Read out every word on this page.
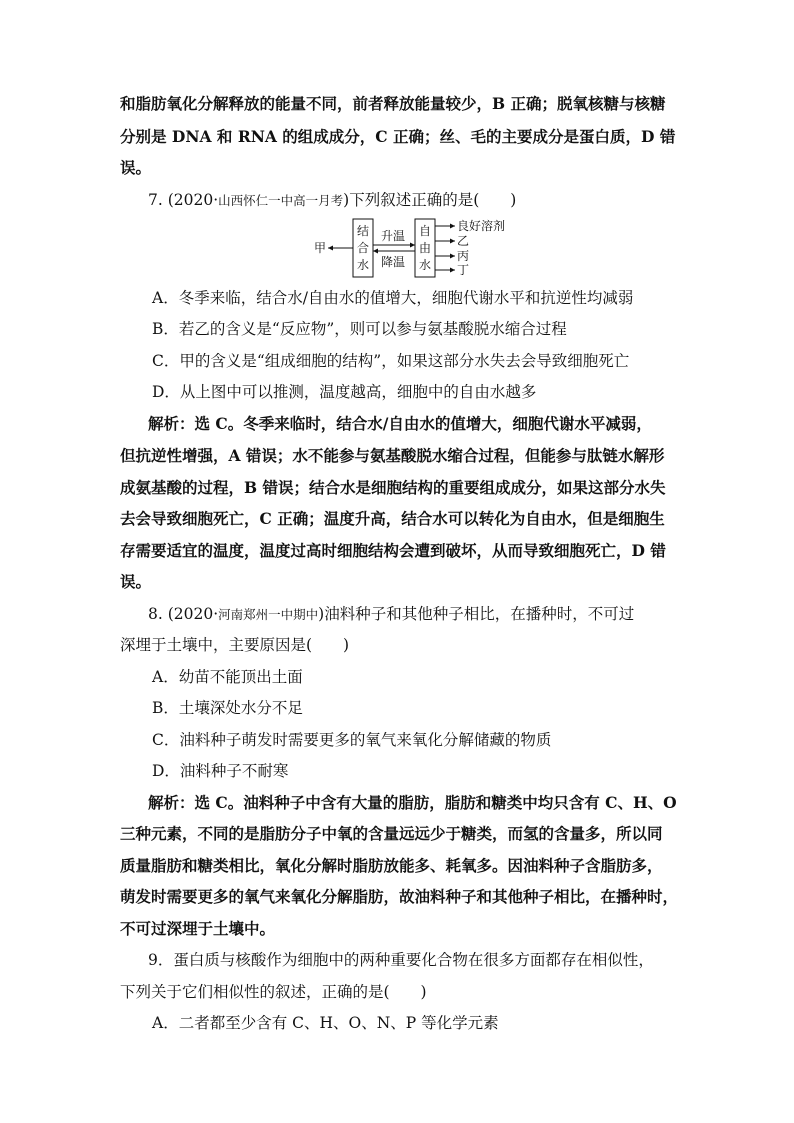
和脂肪氧化分解释放的能量不同，前者释放能量较少，B 正确；脱氧核糖与核糖
分别是 DNA 和 RNA 的组成成分，C 正确；丝、毛的主要成分是蛋白质，D 错
误。
7. (2020·山西怀仁一中高一月考)下列叙述正确的是(　　)
甲
结
合
水
升温
降温
自
由
水
良好溶剂
乙
丙
丁
A．冬季来临，结合水/自由水的值增大，细胞代谢水平和抗逆性均减弱
B．若乙的含义是“反应物”，则可以参与氨基酸脱水缩合过程
C．甲的含义是“组成细胞的结构”，如果这部分水失去会导致细胞死亡
D．从上图中可以推测，温度越高，细胞中的自由水越多
解析：选 C。冬季来临时，结合水/自由水的值增大，细胞代谢水平减弱，
但抗逆性增强，A 错误；水不能参与氨基酸脱水缩合过程，但能参与肽链水解形
成氨基酸的过程，B 错误；结合水是细胞结构的重要组成成分，如果这部分水失
去会导致细胞死亡，C 正确；温度升高，结合水可以转化为自由水，但是细胞生
存需要适宜的温度，温度过高时细胞结构会遭到破坏，从而导致细胞死亡，D 错
误。
8. (2020·河南郑州一中期中)油料种子和其他种子相比，在播种时，不可过
深埋于土壤中，主要原因是(　　)
A．幼苗不能顶出土面
B．土壤深处水分不足
C．油料种子萌发时需要更多的氧气来氧化分解储藏的物质
D．油料种子不耐寒
解析：选 C。油料种子中含有大量的脂肪，脂肪和糖类中均只含有 C、H、O
三种元素，不同的是脂肪分子中氧的含量远远少于糖类，而氢的含量多，所以同
质量脂肪和糖类相比，氧化分解时脂肪放能多、耗氧多。因油料种子含脂肪多，
萌发时需要更多的氧气来氧化分解脂肪，故油料种子和其他种子相比，在播种时，
不可过深埋于土壤中。
9．蛋白质与核酸作为细胞中的两种重要化合物在很多方面都存在相似性，
下列关于它们相似性的叙述，正确的是(　　)
A．二者都至少含有 C、H、O、N、P 等化学元素
